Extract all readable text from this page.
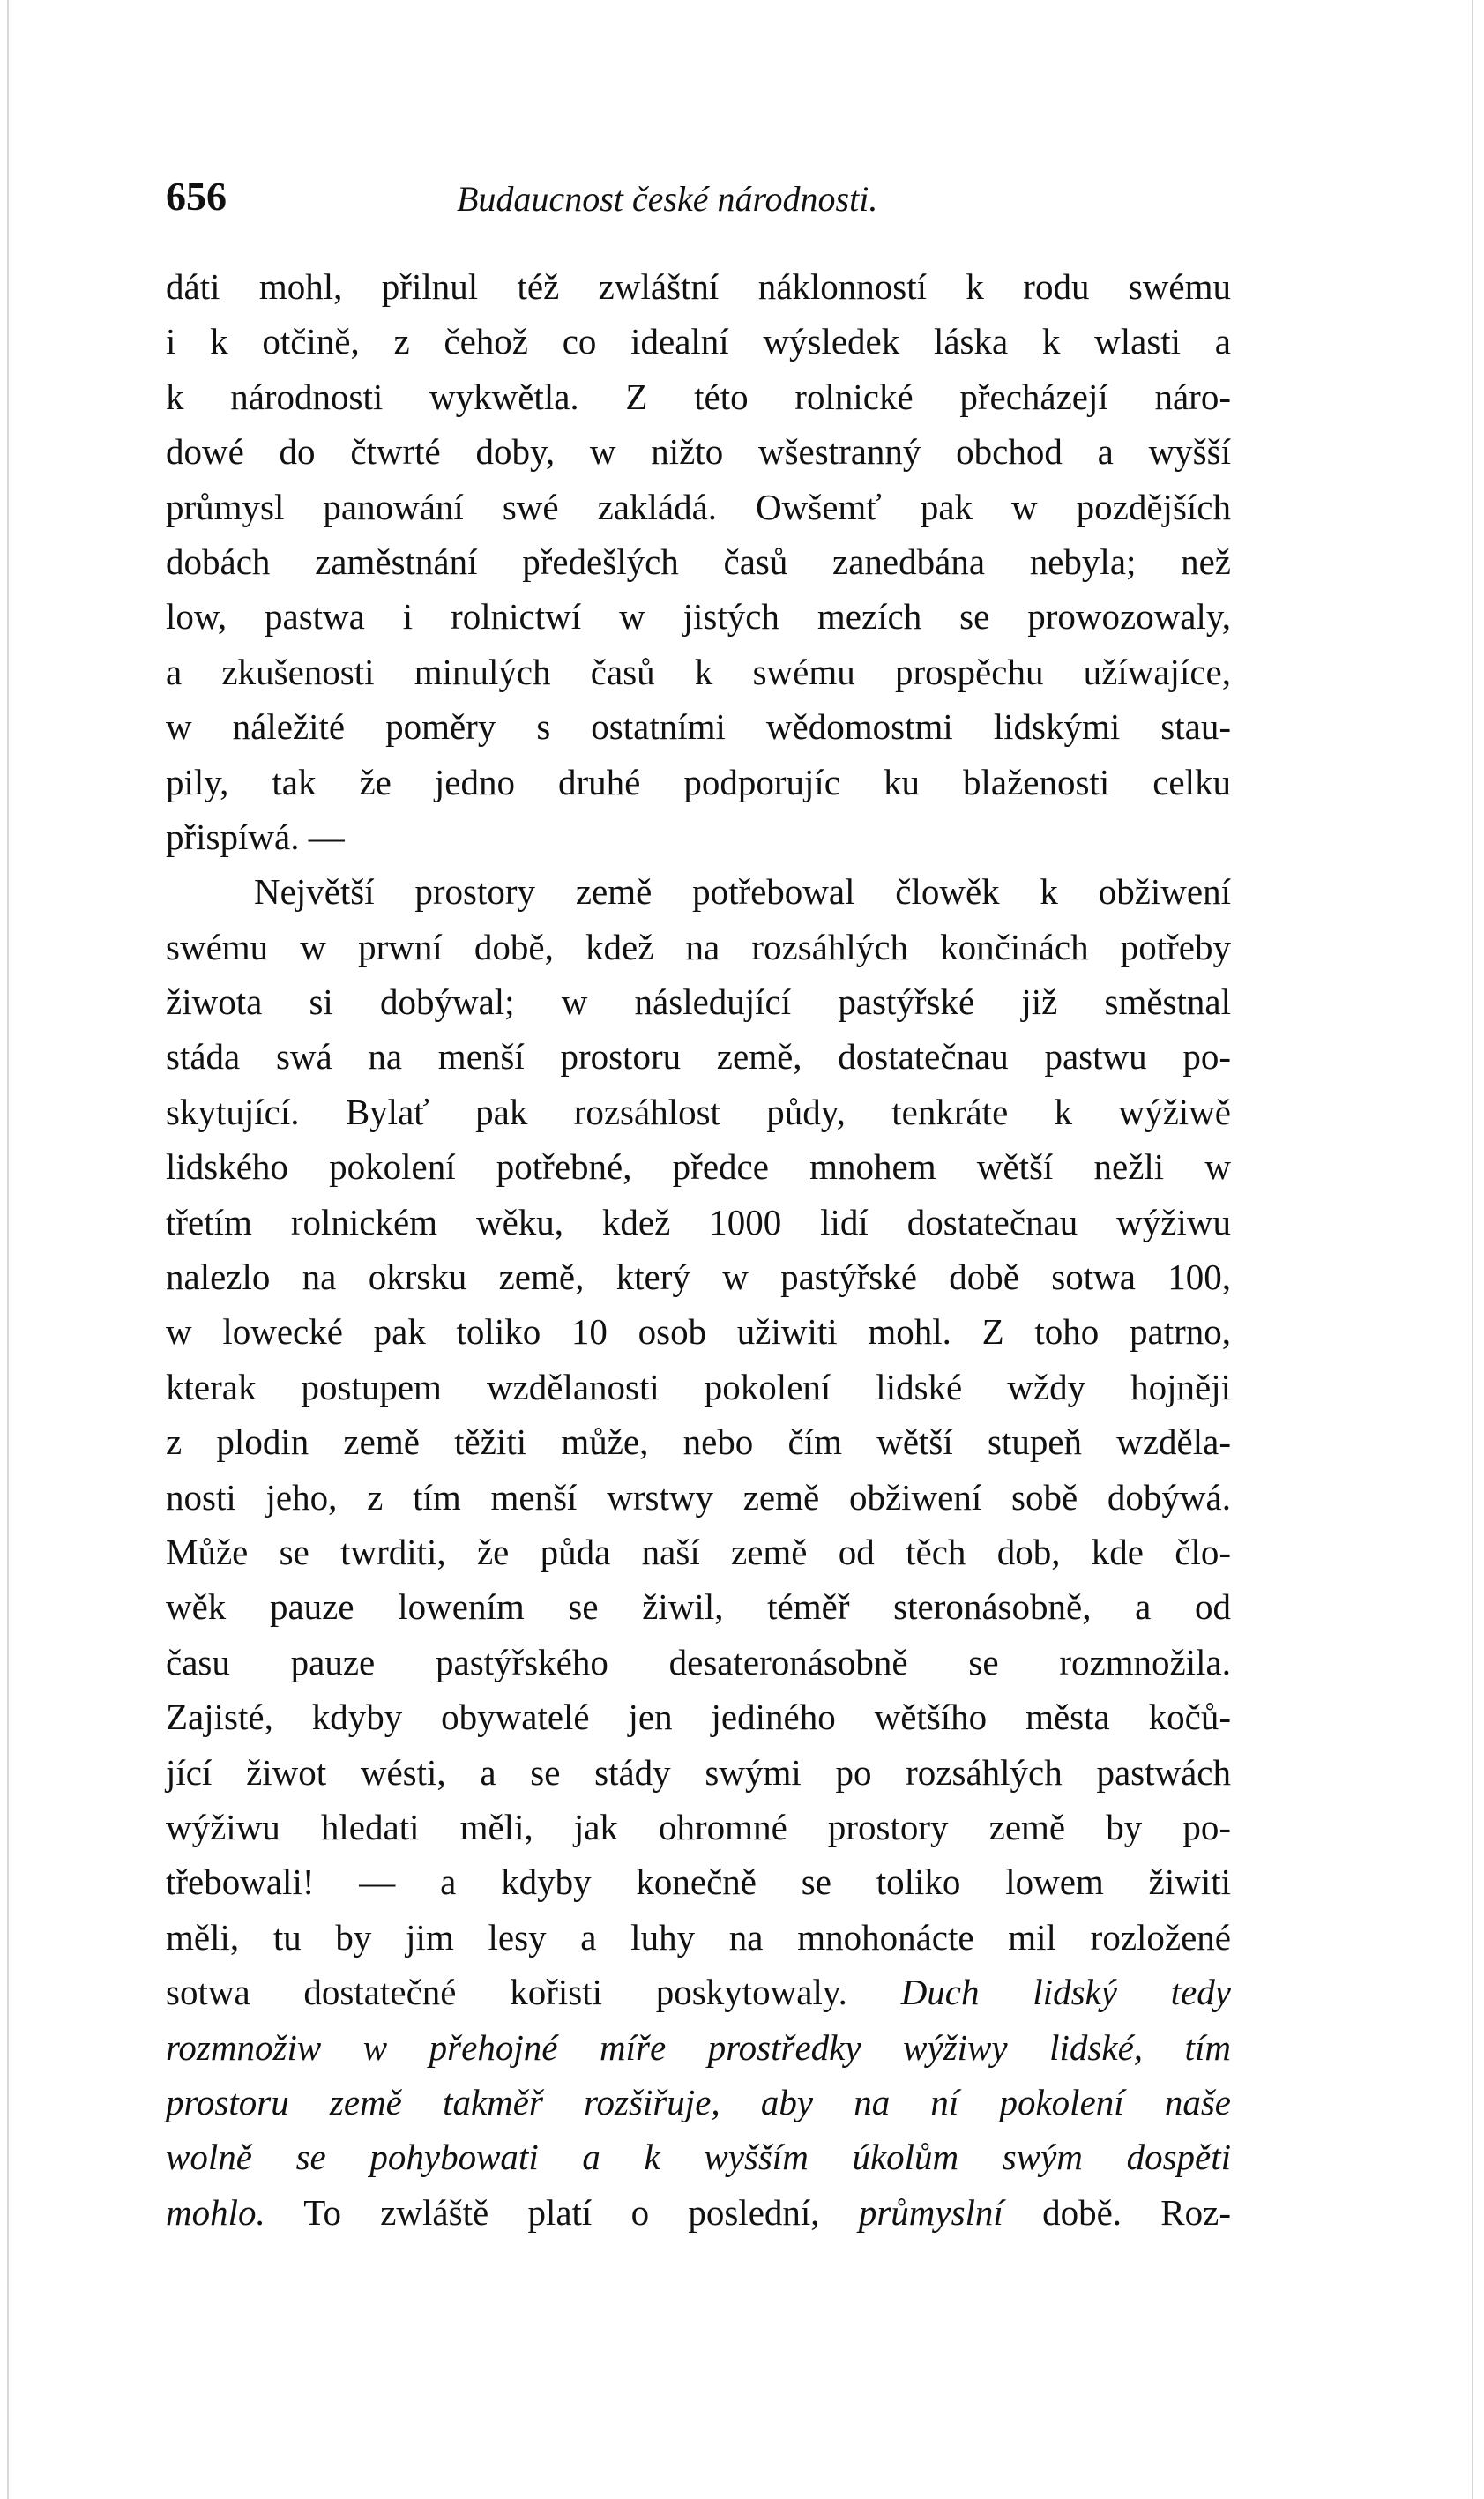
656	Budaucnost české národnosti.
dáti mohl, přilnul též zwláštní náklonností k rodu swému
i k otčině, z čehož co idealní wýsledek láska k wlasti a
k národnosti wykwětla. Z této rolnické přecházejí náro-
dowé do čtwrté doby, w nižto wšestranný obchod a wyšší
průmysl panowání swé zakládá. Owšemť pak w pozdějších
dobách zaměstnání předešlých časů zanedbána nebyla; než
low, pastwa i rolnictwí w jistých mezích se prowozowaly,
a zkušenosti minulých časů k swému prospěchu užíwajíce,
w náležité poměry s ostatními wědomostmi lidskými stau-
pily, tak že jedno druhé podporujíc ku blaženosti celku
přispíwá. —
Největší prostory země potřebowal člowěk k obžiwení
swému w prwní době, kdež na rozsáhlých končinách potřeby
žiwota si dobýwal; w následující pastýřské již směstnal
stáda swá na menší prostoru země, dostatečnau pastwu po-
skytující. Bylať pak rozsáhlost půdy, tenkráte k wýžiwě
lidského pokolení potřebné, předce mnohem wětší nežli w
třetím rolnickém wěku, kdež 1000 lidí dostatečnau wýžiwu
nalezlo na okrsku země, který w pastýřské době sotwa 100,
w lowecké pak toliko 10 osob užiwiti mohl. Z toho patrno,
kterak postupem wzdělanosti pokolení lidské wždy hojněji
z plodin země těžiti může, nebo čím wětší stupeň wzděla-
nosti jeho, z tím menší wrstwy země obžiwení sobě dobýwá.
Může se twrditi, že půda naší země od těch dob, kde člo-
wěk pauze lowením se žiwil, téměř steronásobně, a od
času pauze pastýřského desateronásobně se rozmnožila.
Zajisté, kdyby obywatelé jen jediného wětšího města kočů-
jící žiwot wésti, a se stády swými po rozsáhlých pastwách
wýžiwu hledati měli, jak ohromné prostory země by po-
třebowali! — a kdyby konečně se toliko lowem žiwiti
měli, tu by jim lesy a luhy na mnohonácte mil rozložené
sotwa dostatečné kořisti poskytowaly. Duch lidský tedy
rozmnožiw w přehojné míře prostředky wýžiwy lidské, tím
prostoru země takměř rozšiřuje, aby na ní pokolení naše
wolně se pohybowati a k wyšším úkolům swým dospěti
mohlo. To zwláště platí o poslední, průmyslní době. Roz-
